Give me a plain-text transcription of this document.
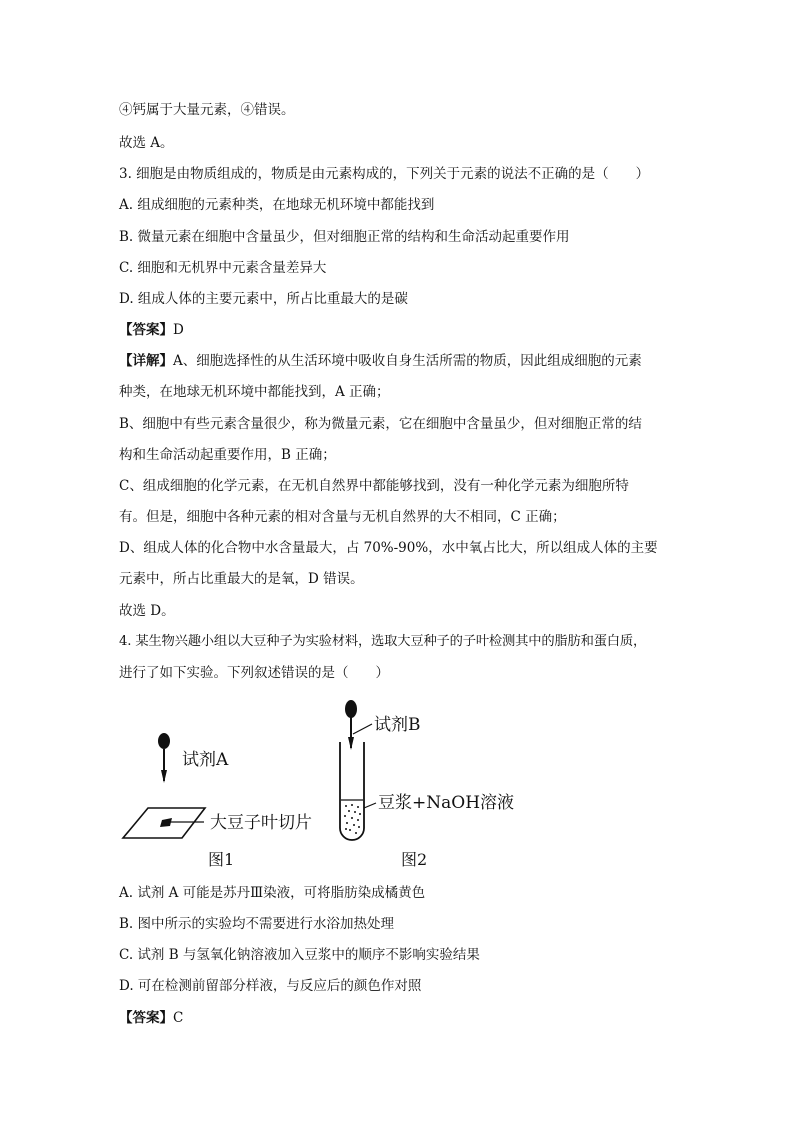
④钙属于大量元素，④错误。
故选 A。
3. 细胞是由物质组成的，物质是由元素构成的，下列关于元素的说法不正确的是（　　）
A. 组成细胞的元素种类，在地球无机环境中都能找到
B. 微量元素在细胞中含量虽少，但对细胞正常的结构和生命活动起重要作用
C. 细胞和无机界中元素含量差异大
D. 组成人体的主要元素中，所占比重最大的是碳
【答案】D
【详解】A、细胞选择性的从生活环境中吸收自身生活所需的物质，因此组成细胞的元素
种类，在地球无机环境中都能找到，A 正确；
B、细胞中有些元素含量很少，称为微量元素，它在细胞中含量虽少，但对细胞正常的结
构和生命活动起重要作用，B 正确；
C、组成细胞的化学元素，在无机自然界中都能够找到，没有一种化学元素为细胞所特
有。但是，细胞中各种元素的相对含量与无机自然界的大不相同，C 正确；
D、组成人体的化合物中水含量最大，占 70%-90%，水中氧占比大，所以组成人体的主要
元素中，所占比重最大的是氧，D 错误。
故选 D。
4. 某生物兴趣小组以大豆种子为实验材料，选取大豆种子的子叶检测其中的脂肪和蛋白质，
进行了如下实验。下列叙述错误的是（　　）
试剂A
大豆子叶切片
图1
试剂B
豆浆+NaOH溶液
图2
A. 试剂 A 可能是苏丹Ⅲ染液，可将脂肪染成橘黄色
B. 图中所示的实验均不需要进行水浴加热处理
C. 试剂 B 与氢氧化钠溶液加入豆浆中的顺序不影响实验结果
D. 可在检测前留部分样液，与反应后的颜色作对照
【答案】C
